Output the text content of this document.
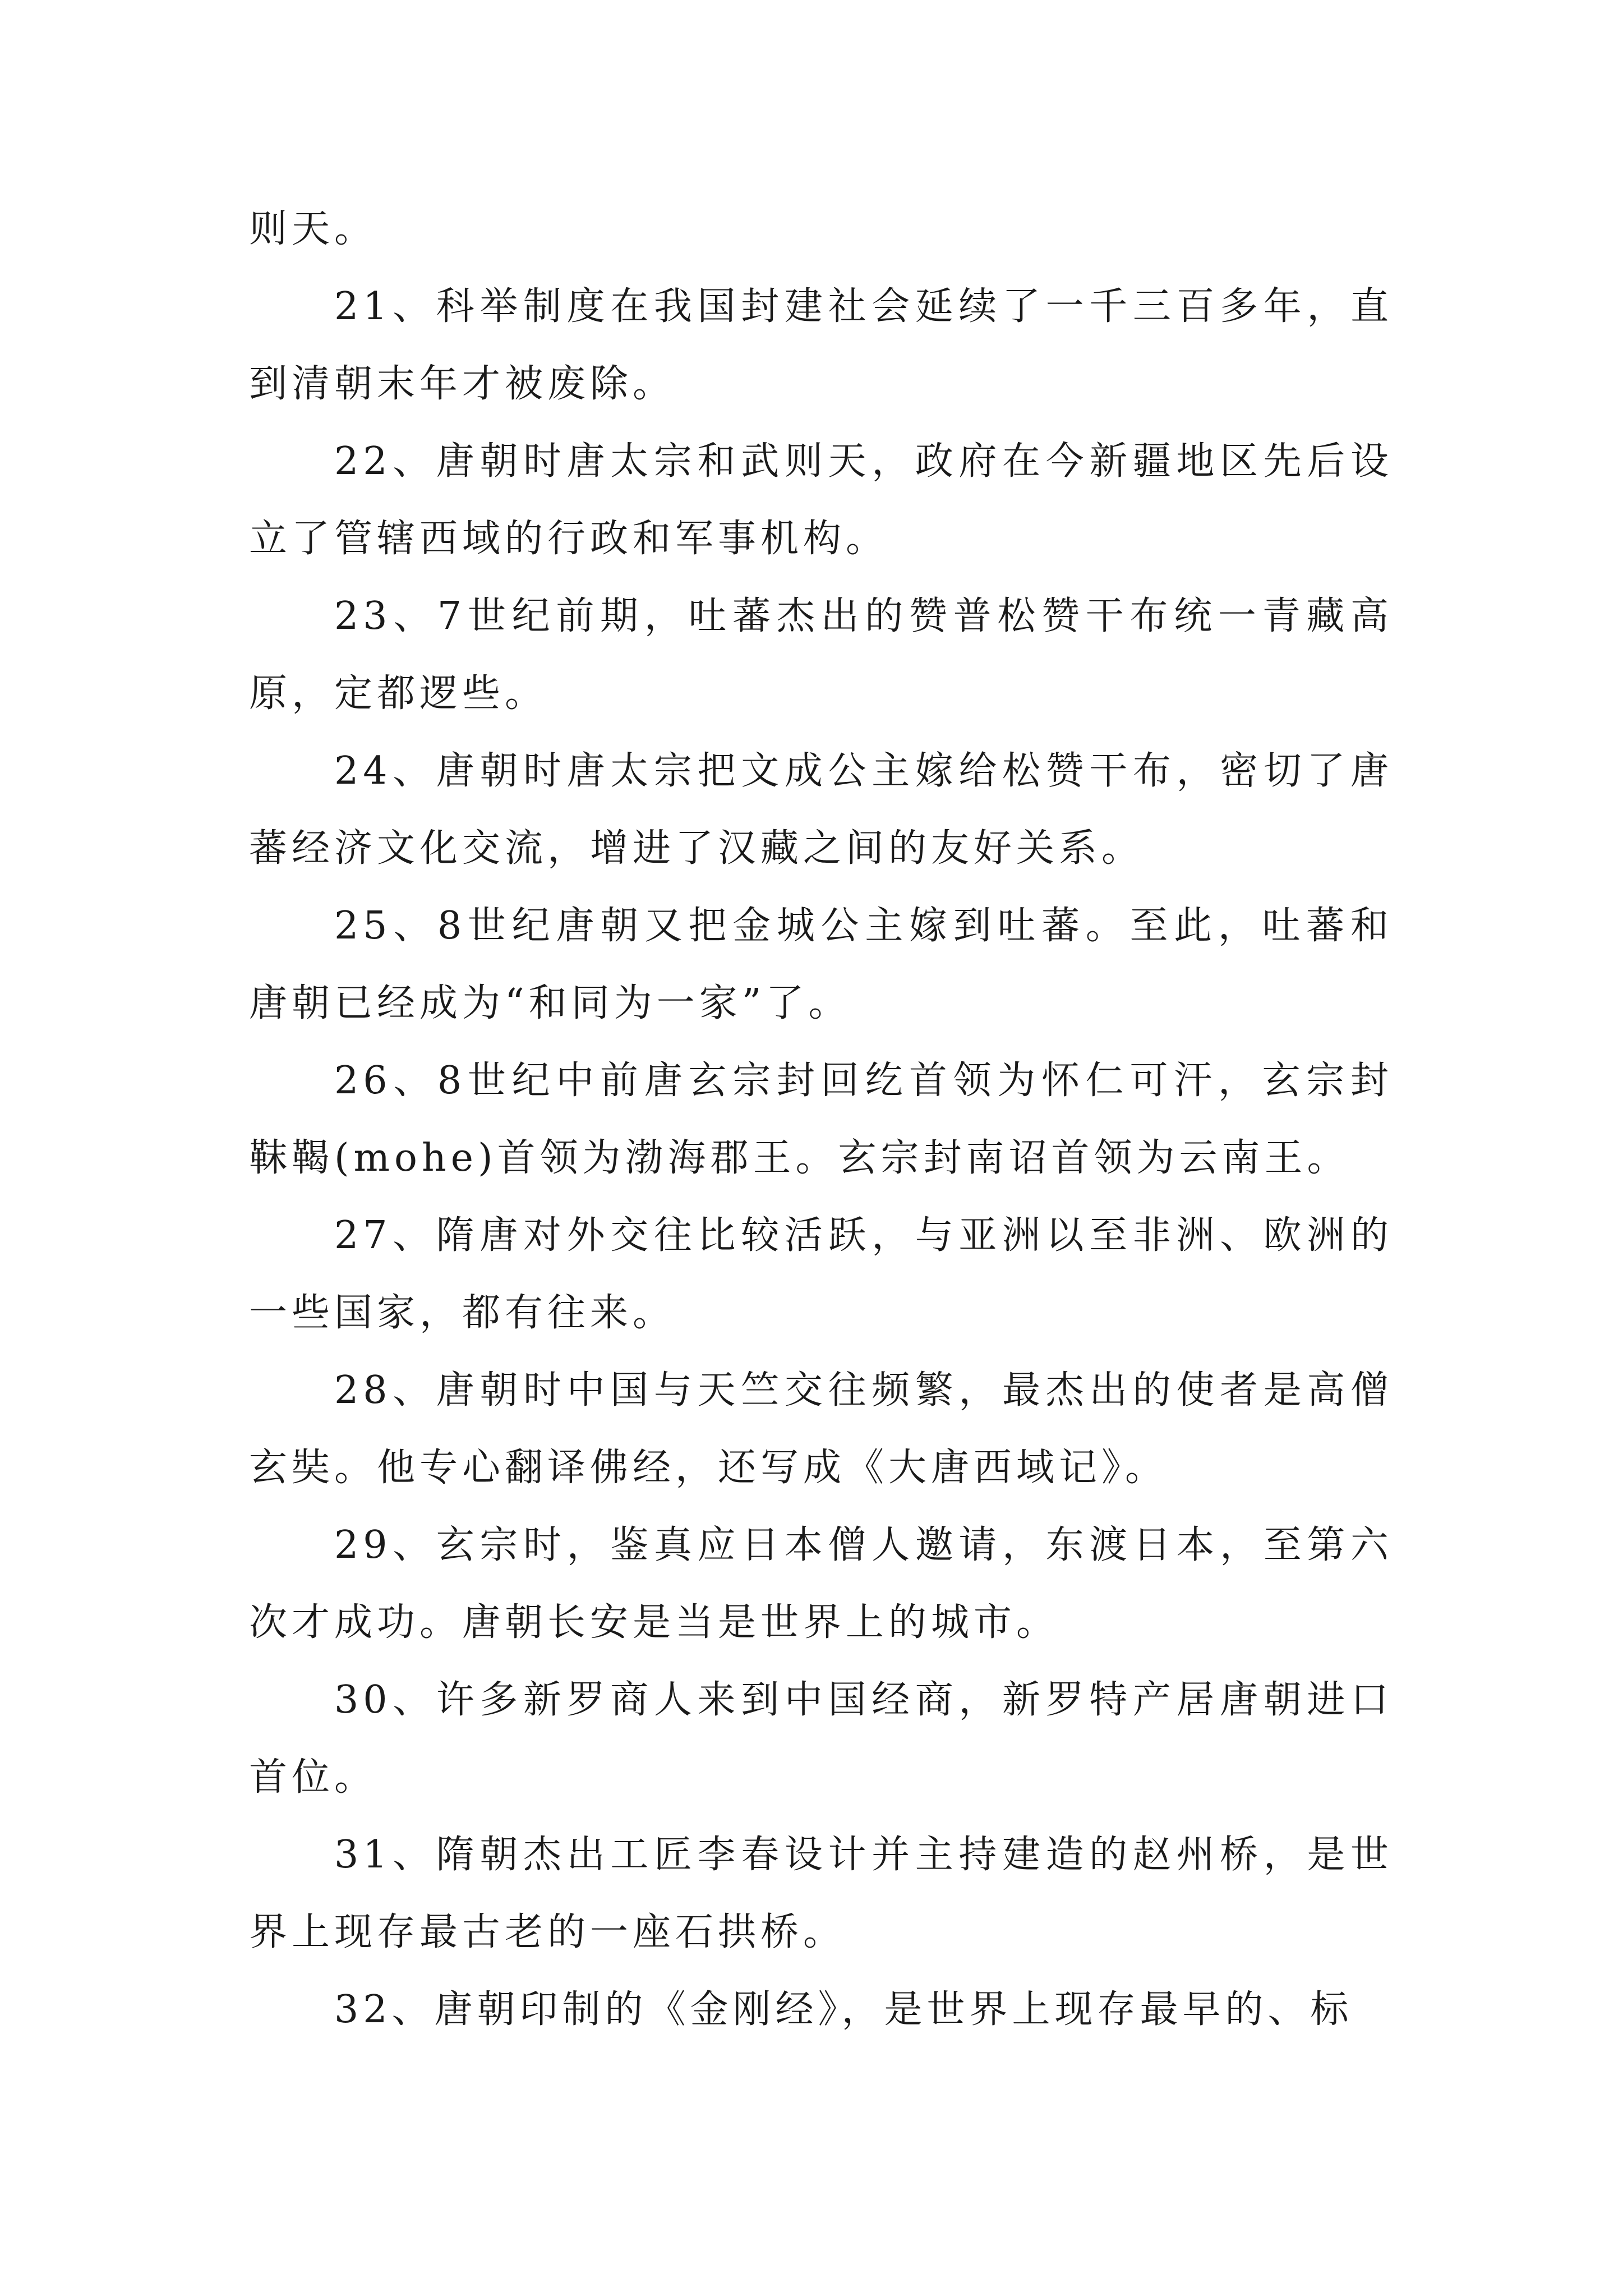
则天。

21、科举制度在我国封建社会延续了一千三百多年，直到清朝末年才被废除。

22、唐朝时唐太宗和武则天，政府在今新疆地区先后设立了管辖西域的行政和军事机构。

23、7世纪前期，吐蕃杰出的赞普松赞干布统一青藏高原，定都逻些。

24、唐朝时唐太宗把文成公主嫁给松赞干布，密切了唐蕃经济文化交流，增进了汉藏之间的友好关系。

25、8世纪唐朝又把金城公主嫁到吐蕃。至此，吐蕃和唐朝已经成为“和同为一家”了。

26、8世纪中前唐玄宗封回纥首领为怀仁可汗，玄宗封靺鞨(mohe)首领为渤海郡王。玄宗封南诏首领为云南王。

27、隋唐对外交往比较活跃，与亚洲以至非洲、欧洲的一些国家，都有往来。

28、唐朝时中国与天竺交往频繁，最杰出的使者是高僧玄奘。他专心翻译佛经，还写成《大唐西域记》。

29、玄宗时，鉴真应日本僧人邀请，东渡日本，至第六次才成功。唐朝长安是当是世界上的城市。

30、许多新罗商人来到中国经商，新罗特产居唐朝进口首位。

31、隋朝杰出工匠李春设计并主持建造的赵州桥，是世界上现存最古老的一座石拱桥。

32、唐朝印制的《金刚经》，是世界上现存最早的、标
